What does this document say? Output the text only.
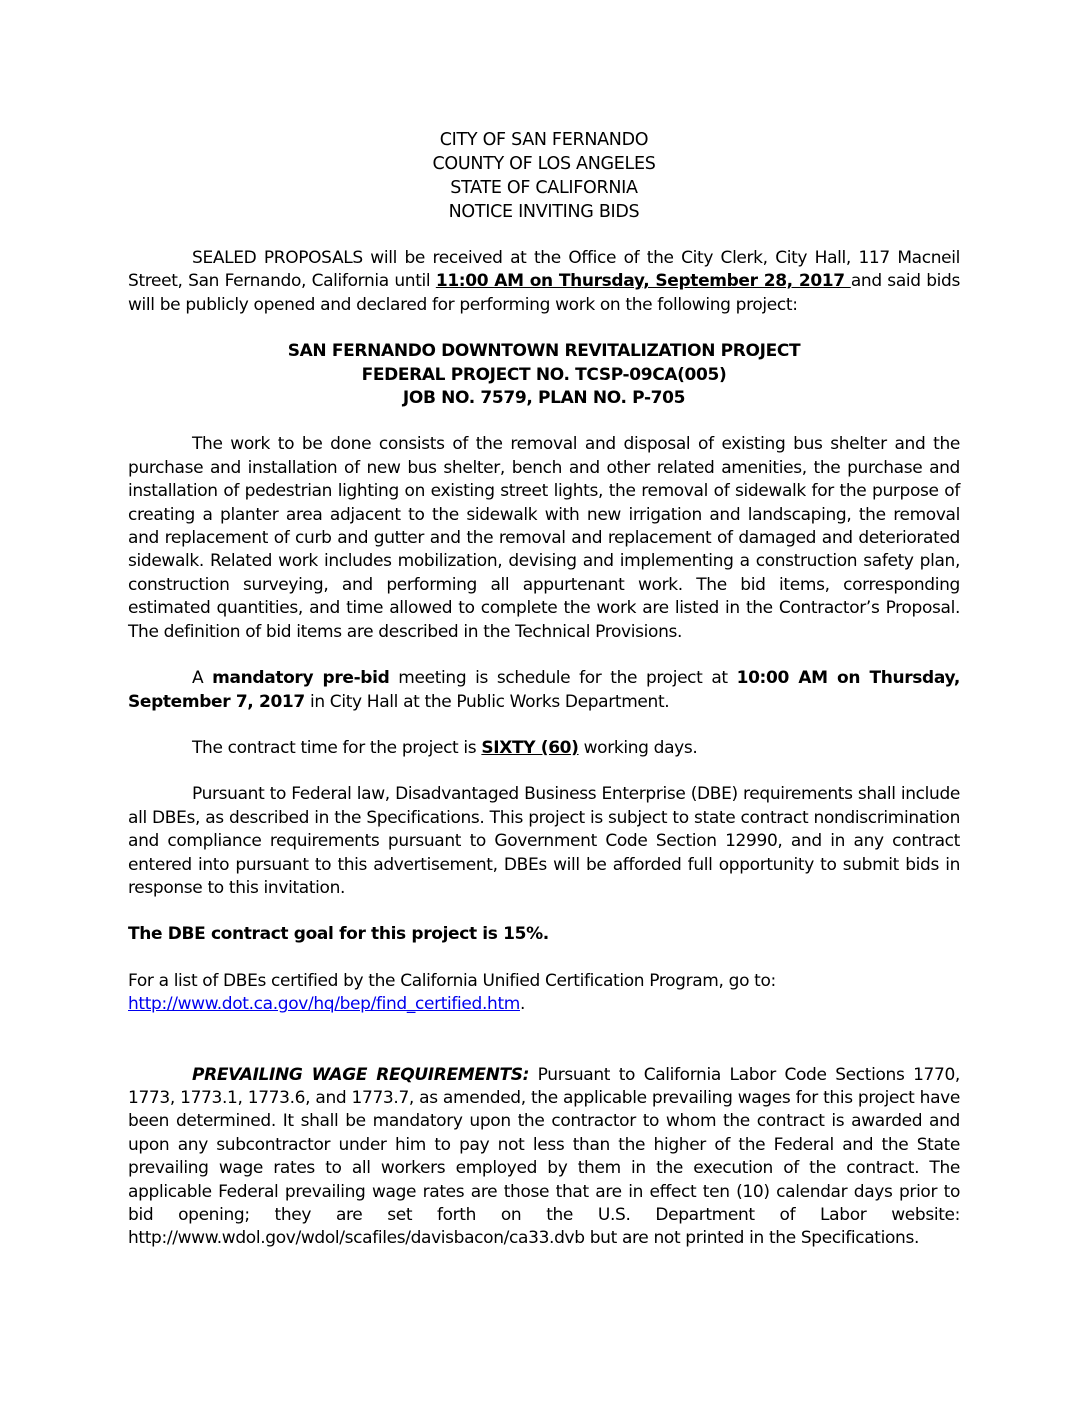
CITY OF SAN FERNANDO
COUNTY OF LOS ANGELES
STATE OF CALIFORNIA
NOTICE INVITING BIDS

SEALED PROPOSALS will be received at the Office of the City Clerk, City Hall, 117 Macneil Street, San Fernando, California until 11:00 AM on Thursday, September 28, 2017 and said bids will be publicly opened and declared for performing work on the following project:

SAN FERNANDO DOWNTOWN REVITALIZATION PROJECT
FEDERAL PROJECT NO. TCSP-09CA(005)
JOB NO. 7579, PLAN NO. P-705

The work to be done consists of the removal and disposal of existing bus shelter and the purchase and installation of new bus shelter, bench and other related amenities, the purchase and installation of pedestrian lighting on existing street lights, the removal of sidewalk for the purpose of creating a planter area adjacent to the sidewalk with new irrigation and landscaping, the removal and replacement of curb and gutter and the removal and replacement of damaged and deteriorated sidewalk. Related work includes mobilization, devising and implementing a construction safety plan, construction surveying, and performing all appurtenant work. The bid items, corresponding estimated quantities, and time allowed to complete the work are listed in the Contractor’s Proposal. The definition of bid items are described in the Technical Provisions.

A mandatory pre-bid meeting is schedule for the project at 10:00 AM on Thursday, September 7, 2017 in City Hall at the Public Works Department.

The contract time for the project is SIXTY (60) working days.

Pursuant to Federal law, Disadvantaged Business Enterprise (DBE) requirements shall include all DBEs, as described in the Specifications. This project is subject to state contract nondiscrimination and compliance requirements pursuant to Government Code Section 12990, and in any contract entered into pursuant to this advertisement, DBEs will be afforded full opportunity to submit bids in response to this invitation.

The DBE contract goal for this project is 15%.

For a list of DBEs certified by the California Unified Certification Program, go to:
http://www.dot.ca.gov/hq/bep/find_certified.htm.

PREVAILING WAGE REQUIREMENTS: Pursuant to California Labor Code Sections 1770, 1773, 1773.1, 1773.6, and 1773.7, as amended, the applicable prevailing wages for this project have been determined. It shall be mandatory upon the contractor to whom the contract is awarded and upon any subcontractor under him to pay not less than the higher of the Federal and the State prevailing wage rates to all workers employed by them in the execution of the contract. The applicable Federal prevailing wage rates are those that are in effect ten (10) calendar days prior to bid opening; they are set forth on the U.S. Department of Labor website: http://www.wdol.gov/wdol/scafiles/davisbacon/ca33.dvb but are not printed in the Specifications.
